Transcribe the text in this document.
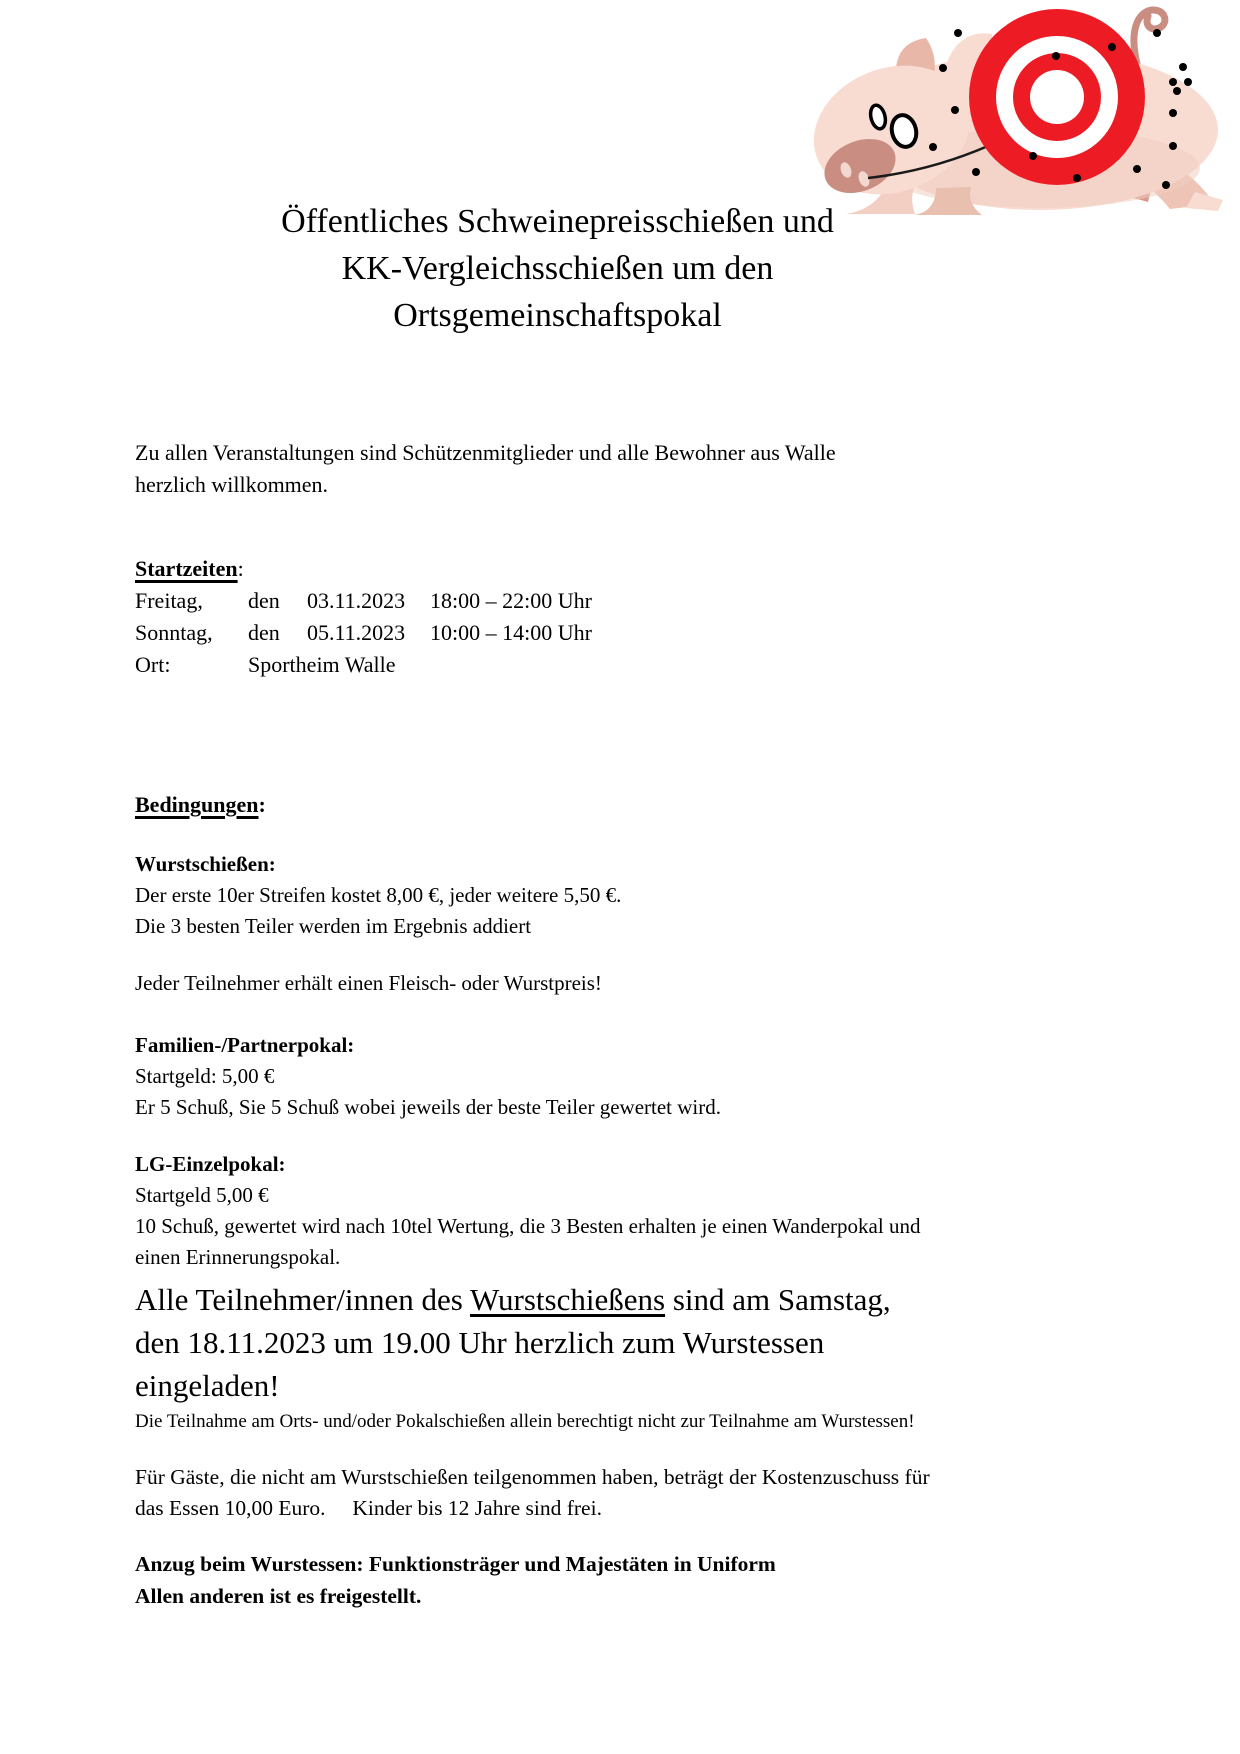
Öffentliches Schweinepreisschießen und
KK-Vergleichsschießen um den
Ortsgemeinschaftspokal
Zu allen Veranstaltungen sind Schützenmitglieder und alle Bewohner aus Walle
herzlich willkommen.
Startzeiten:
Freitag,	den	03.11.2023	18:00 – 22:00 Uhr
Sonntag,	den	05.11.2023	10:00 – 14:00 Uhr
Ort:	Sportheim Walle
Bedingungen:
Wurstschießen:
Der erste 10er Streifen kostet 8,00 €, jeder weitere 5,50 €.
Die 3 besten Teiler werden im Ergebnis addiert
Jeder Teilnehmer erhält einen Fleisch- oder Wurstpreis!
Familien-/Partnerpokal:
Startgeld: 5,00 €
Er 5 Schuß, Sie 5 Schuß wobei jeweils der beste Teiler gewertet wird.
LG-Einzelpokal:
Startgeld 5,00 €
10 Schuß, gewertet wird nach 10tel Wertung, die 3 Besten erhalten je einen Wanderpokal und
einen Erinnerungspokal.
Alle Teilnehmer/innen des Wurstschießens sind am Samstag,
den 18.11.2023 um 19.00 Uhr herzlich zum Wurstessen
eingeladen!
Die Teilnahme am Orts- und/oder Pokalschießen allein berechtigt nicht zur Teilnahme am Wurstessen!
Für Gäste, die nicht am Wurstschießen teilgenommen haben, beträgt der Kostenzuschuss für
das Essen 10,00 Euro.     Kinder bis 12 Jahre sind frei.
Anzug beim Wurstessen: Funktionsträger und Majestäten in Uniform
Allen anderen ist es freigestellt.
